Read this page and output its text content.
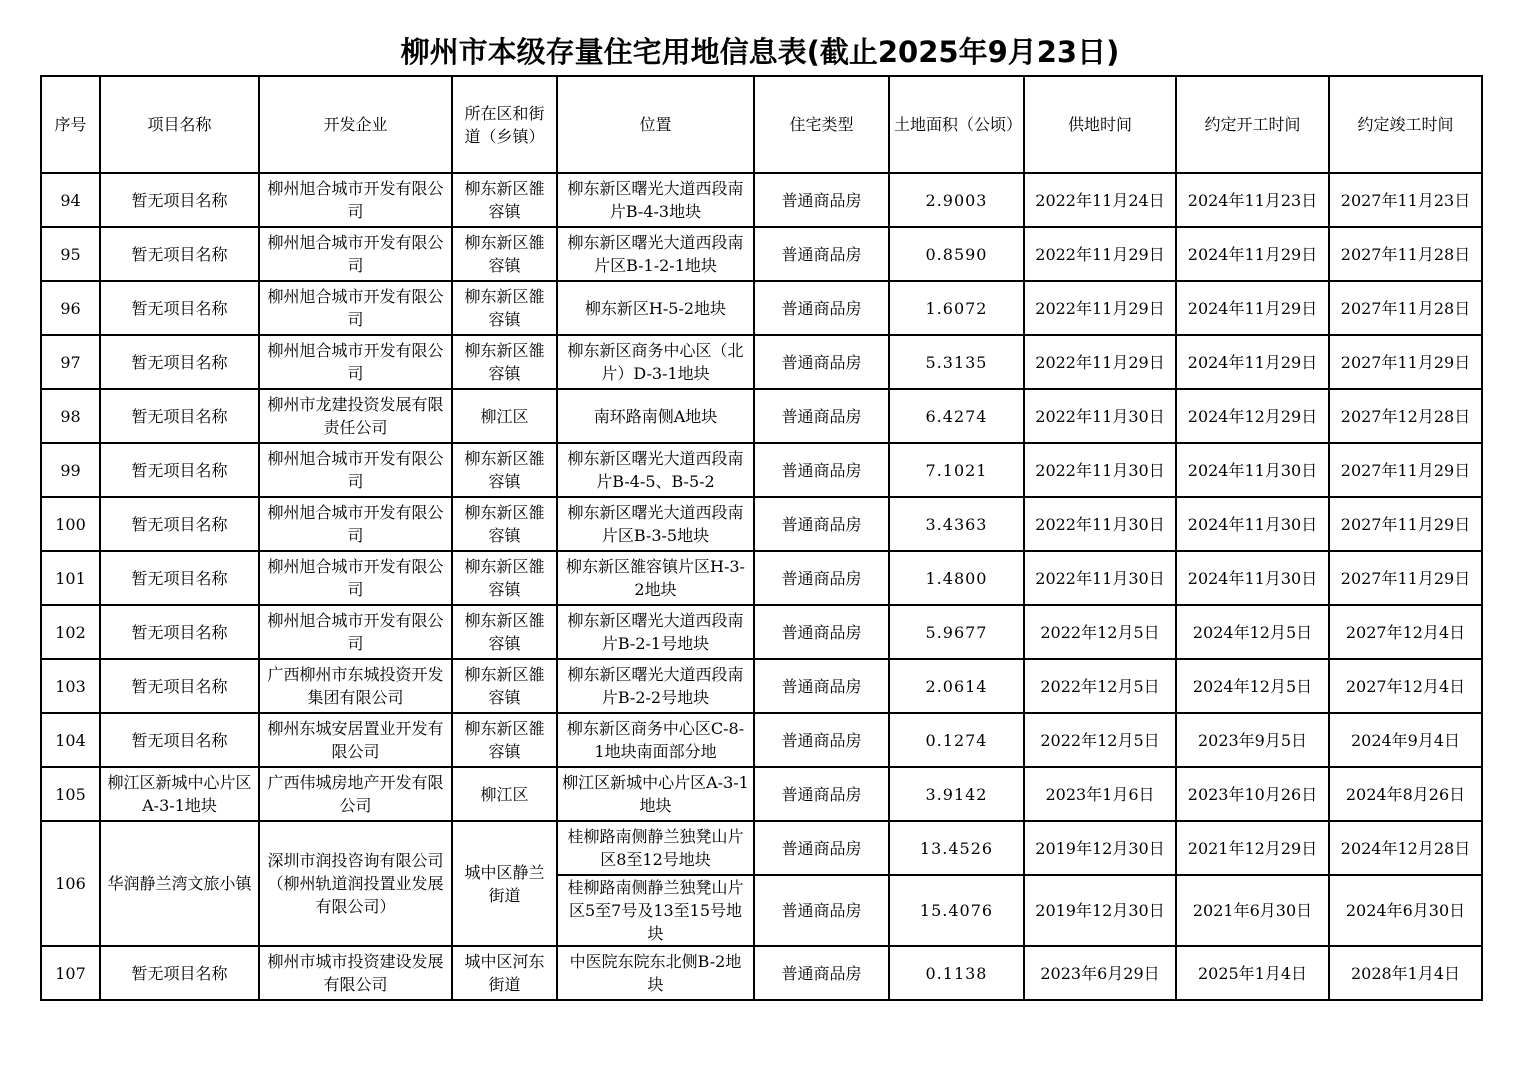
柳州市本级存量住宅用地信息表(截止2025年9月23日)
序号	项目名称	开发企业	所在区和街道（乡镇）	位置	住宅类型	土地面积（公顷）	供地时间	约定开工时间	约定竣工时间

94	暂无项目名称	柳州旭合城市开发有限公司	柳东新区雒容镇	柳东新区曙光大道西段南片B-4-3地块	普通商品房	2.9003	2022年11月24日	2024年11月23日	2027年11月23日

95	暂无项目名称	柳州旭合城市开发有限公司	柳东新区雒容镇	柳东新区曙光大道西段南片区B-1-2-1地块	普通商品房	0.8590	2022年11月29日	2024年11月29日	2027年11月28日

96	暂无项目名称	柳州旭合城市开发有限公司	柳东新区雒容镇	柳东新区H-5-2地块	普通商品房	1.6072	2022年11月29日	2024年11月29日	2027年11月28日

97	暂无项目名称	柳州旭合城市开发有限公司	柳东新区雒容镇	柳东新区商务中心区（北片）D-3-1地块	普通商品房	5.3135	2022年11月29日	2024年11月29日	2027年11月29日

98	暂无项目名称	柳州市龙建投资发展有限责任公司	柳江区	南环路南侧A地块	普通商品房	6.4274	2022年11月30日	2024年12月29日	2027年12月28日

99	暂无项目名称	柳州旭合城市开发有限公司	柳东新区雒容镇	柳东新区曙光大道西段南片B-4-5、B-5-2	普通商品房	7.1021	2022年11月30日	2024年11月30日	2027年11月29日

100	暂无项目名称	柳州旭合城市开发有限公司	柳东新区雒容镇	柳东新区曙光大道西段南片区B-3-5地块	普通商品房	3.4363	2022年11月30日	2024年11月30日	2027年11月29日

101	暂无项目名称	柳州旭合城市开发有限公司	柳东新区雒容镇	柳东新区雒容镇片区H-3-2地块	普通商品房	1.4800	2022年11月30日	2024年11月30日	2027年11月29日

102	暂无项目名称	柳州旭合城市开发有限公司	柳东新区雒容镇	柳东新区曙光大道西段南片B-2-1号地块	普通商品房	5.9677	2022年12月5日	2024年12月5日	2027年12月4日

103	暂无项目名称	广西柳州市东城投资开发集团有限公司	柳东新区雒容镇	柳东新区曙光大道西段南片B-2-2号地块	普通商品房	2.0614	2022年12月5日	2024年12月5日	2027年12月4日

104	暂无项目名称	柳州东城安居置业开发有限公司	柳东新区雒容镇	柳东新区商务中心区C-8-1地块南面部分地	普通商品房	0.1274	2022年12月5日	2023年9月5日	2024年9月4日

105	柳江区新城中心片区A-3-1地块	广西伟城房地产开发有限公司	柳江区	柳江区新城中心片区A-3-1地块	普通商品房	3.9142	2023年1月6日	2023年10月26日	2024年8月26日

106	华润静兰湾文旅小镇	深圳市润投咨询有限公司（柳州轨道润投置业发展有限公司）	城中区静兰街道	桂柳路南侧静兰独凳山片区8至12号地块	普通商品房	13.4526	2019年12月30日	2021年12月29日	2024年12月28日

				桂柳路南侧静兰独凳山片区5至7号及13至15号地块	普通商品房	15.4076	2019年12月30日	2021年6月30日	2024年6月30日

107	暂无项目名称	柳州市城市投资建设发展有限公司	城中区河东街道	中医院东院东北侧B-2地块	普通商品房	0.1138	2023年6月29日	2025年1月4日	2028年1月4日
